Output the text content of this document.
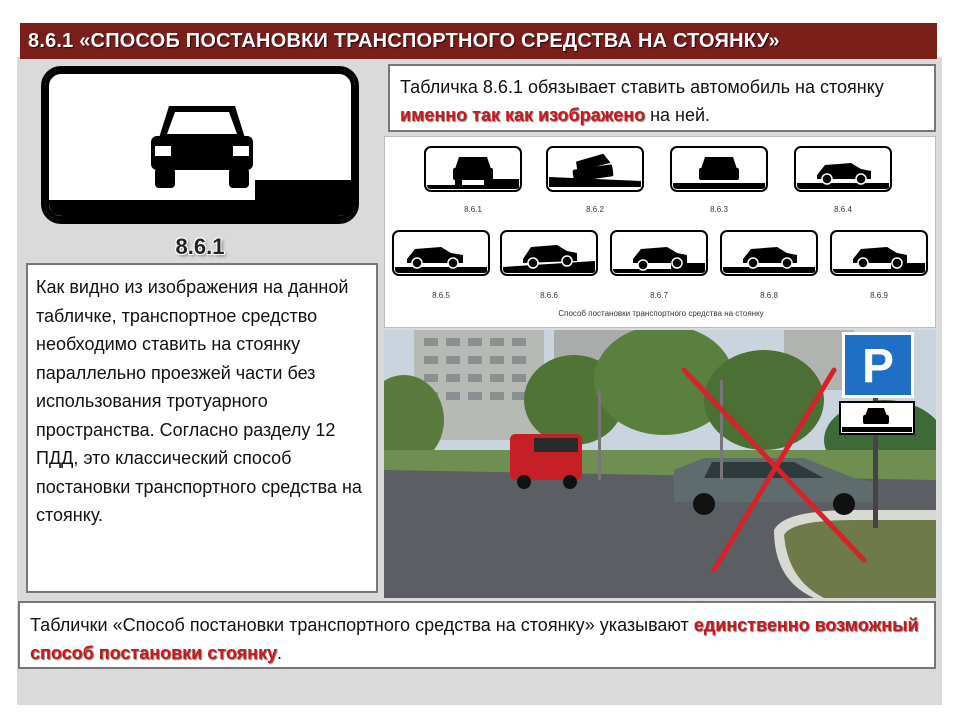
8.6.1 «СПОСОБ ПОСТАНОВКИ ТРАНСПОРТНОГО СРЕДСТВА НА СТОЯНКУ»
8.6.1
Табличка 8.6.1 обязывает ставить автомобиль на стоянку именно так как изображено на ней.
8.6.1	8.6.2	8.6.3	8.6.4
8.6.5	8.6.6	8.6.7	8.6.8	8.6.9
Способ постановки транспортного средства на стоянку
Как видно из изображения на данной табличке, транспортное средство необходимо ставить на стоянку параллельно проезжей части без использования тротуарного пространства. Согласно разделу 12 ПДД, это классический способ постановки транспортного средства на стоянку.
P
Таблички «Способ постановки транспортного средства на стоянку» указывают единственно возможный способ постановки стоянку.
